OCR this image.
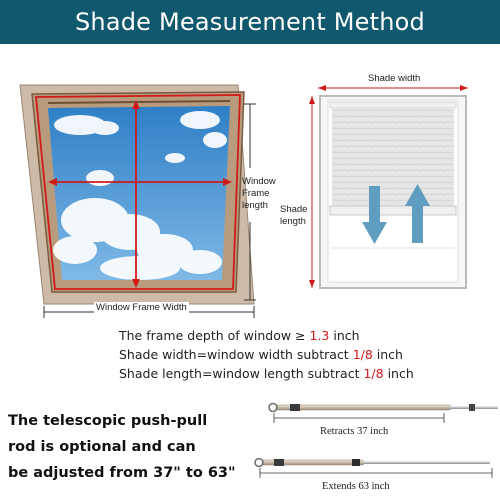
Shade Measurement Method
Window
Frame
length
Window Frame Width
Shade width
Shade
length
The frame depth of window ≥ 1.3 inch
Shade width=window width subtract 1/8 inch
Shade length=window length subtract 1/8 inch
The telescopic push-pull
rod is optional and can
be adjusted from 37" to 63"
Retracts 37 inch
Extends 63 inch
